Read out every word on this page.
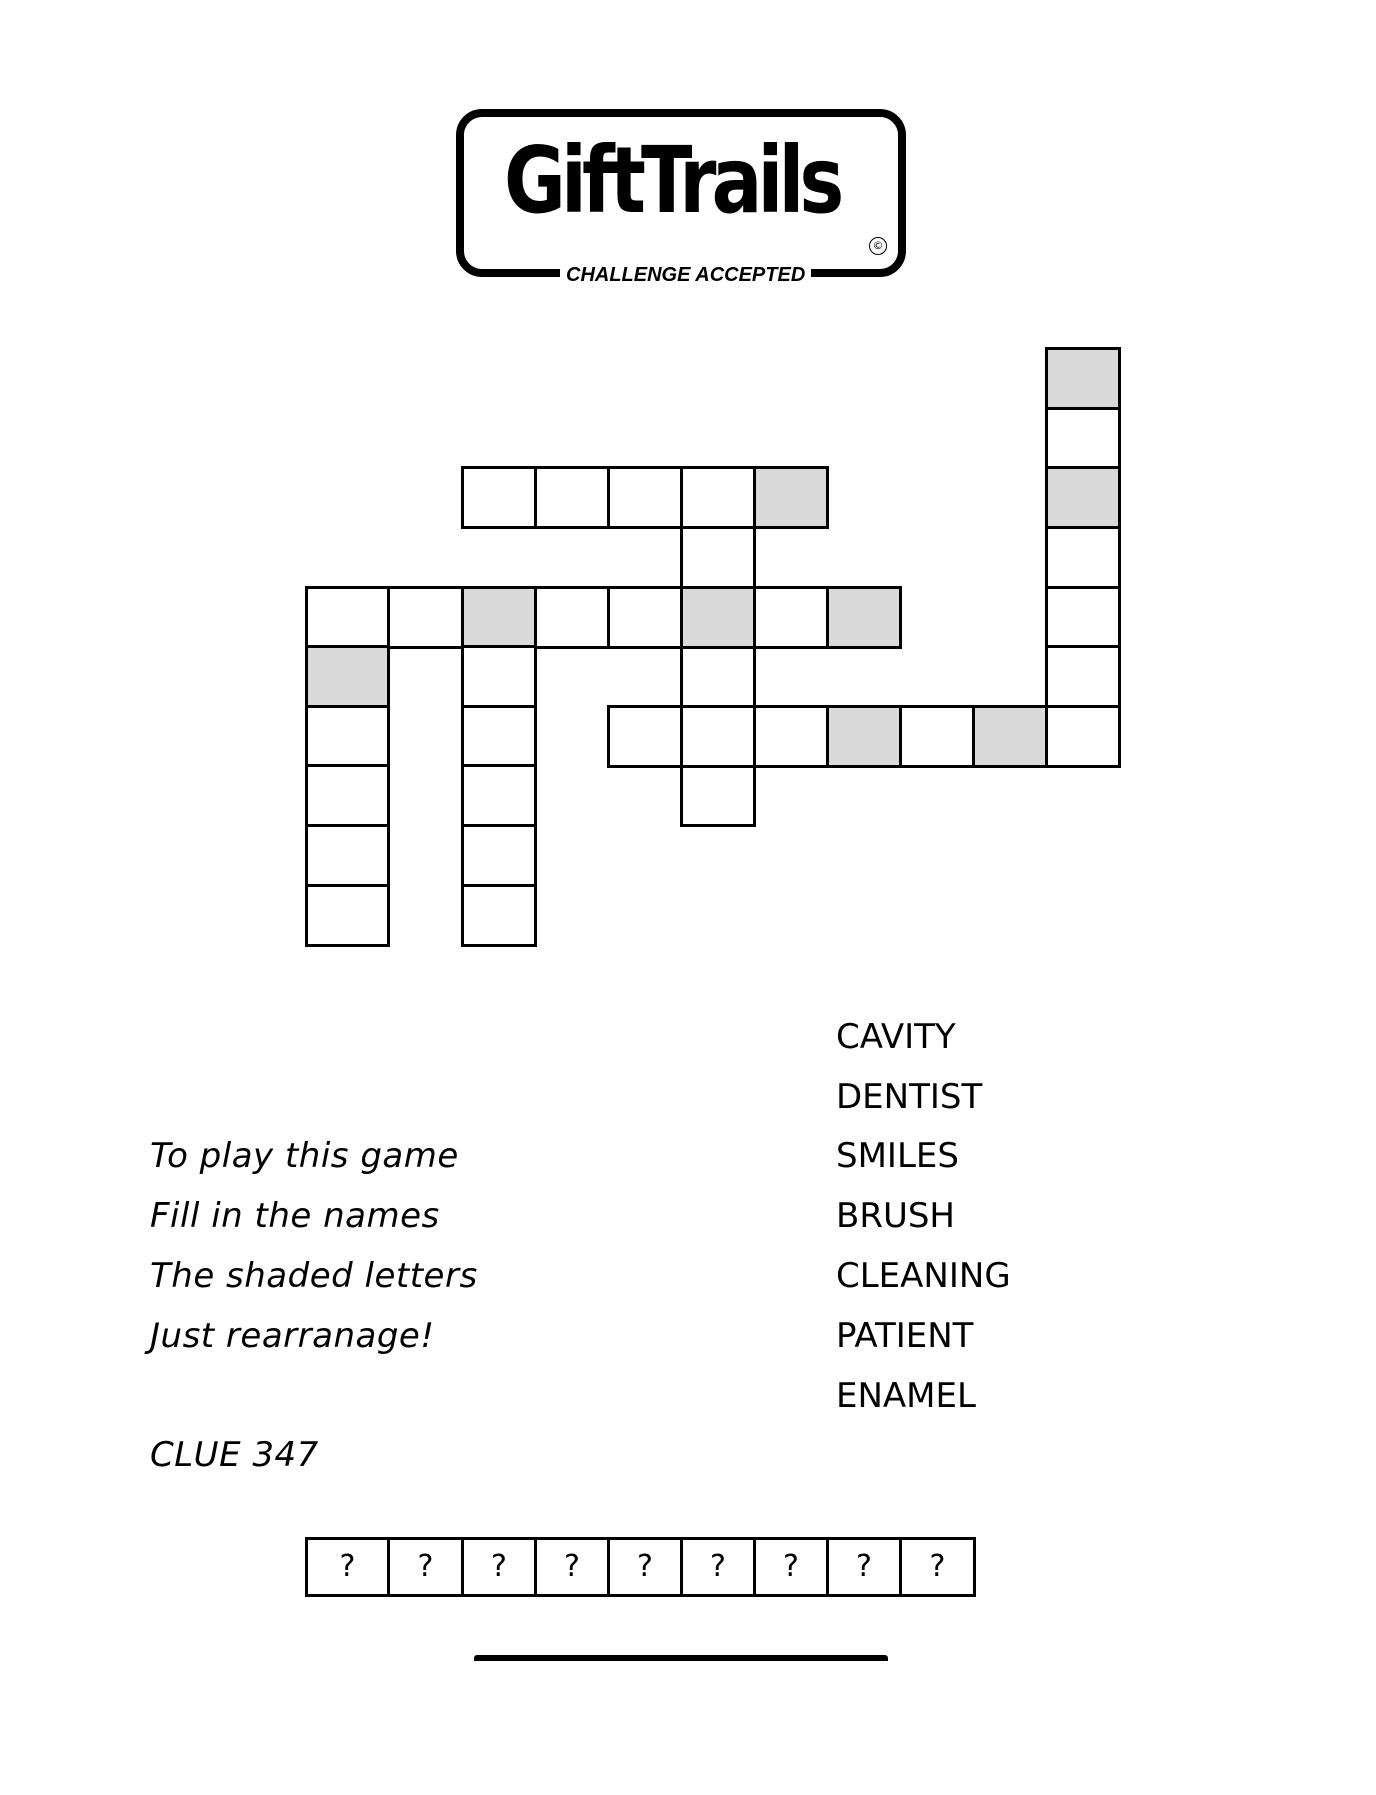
GiftTrails
©
CHALLENGE ACCEPTED
To play this game
Fill in the names
The shaded letters
Just rearranage!
CLUE 347
CAVITY
DENTIST
SMILES
BRUSH
CLEANING
PATIENT
ENAMEL
?	?	?	?	?	?	?	?	?
